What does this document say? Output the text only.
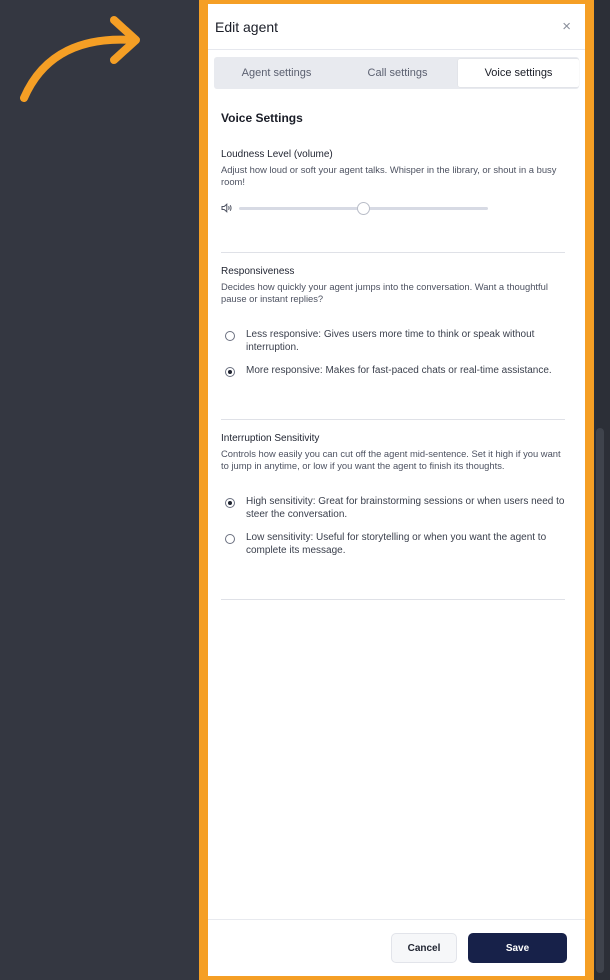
Edit agent	×
Agent settings	Call settings	Voice settings
Voice Settings
Loudness Level (volume)
Adjust how loud or soft your agent talks. Whisper in the library, or shout in a busy room!
Responsiveness
Decides how quickly your agent jumps into the conversation. Want a thoughtful pause or instant replies?
Less responsive: Gives users more time to think or speak without interruption.
More responsive: Makes for fast-paced chats or real-time assistance.
Interruption Sensitivity
Controls how easily you can cut off the agent mid-sentence. Set it high if you want to jump in anytime, or low if you want the agent to finish its thoughts.
High sensitivity: Great for brainstorming sessions or when users need to steer the conversation.
Low sensitivity: Useful for storytelling or when you want the agent to complete its message.
Cancel	Save
